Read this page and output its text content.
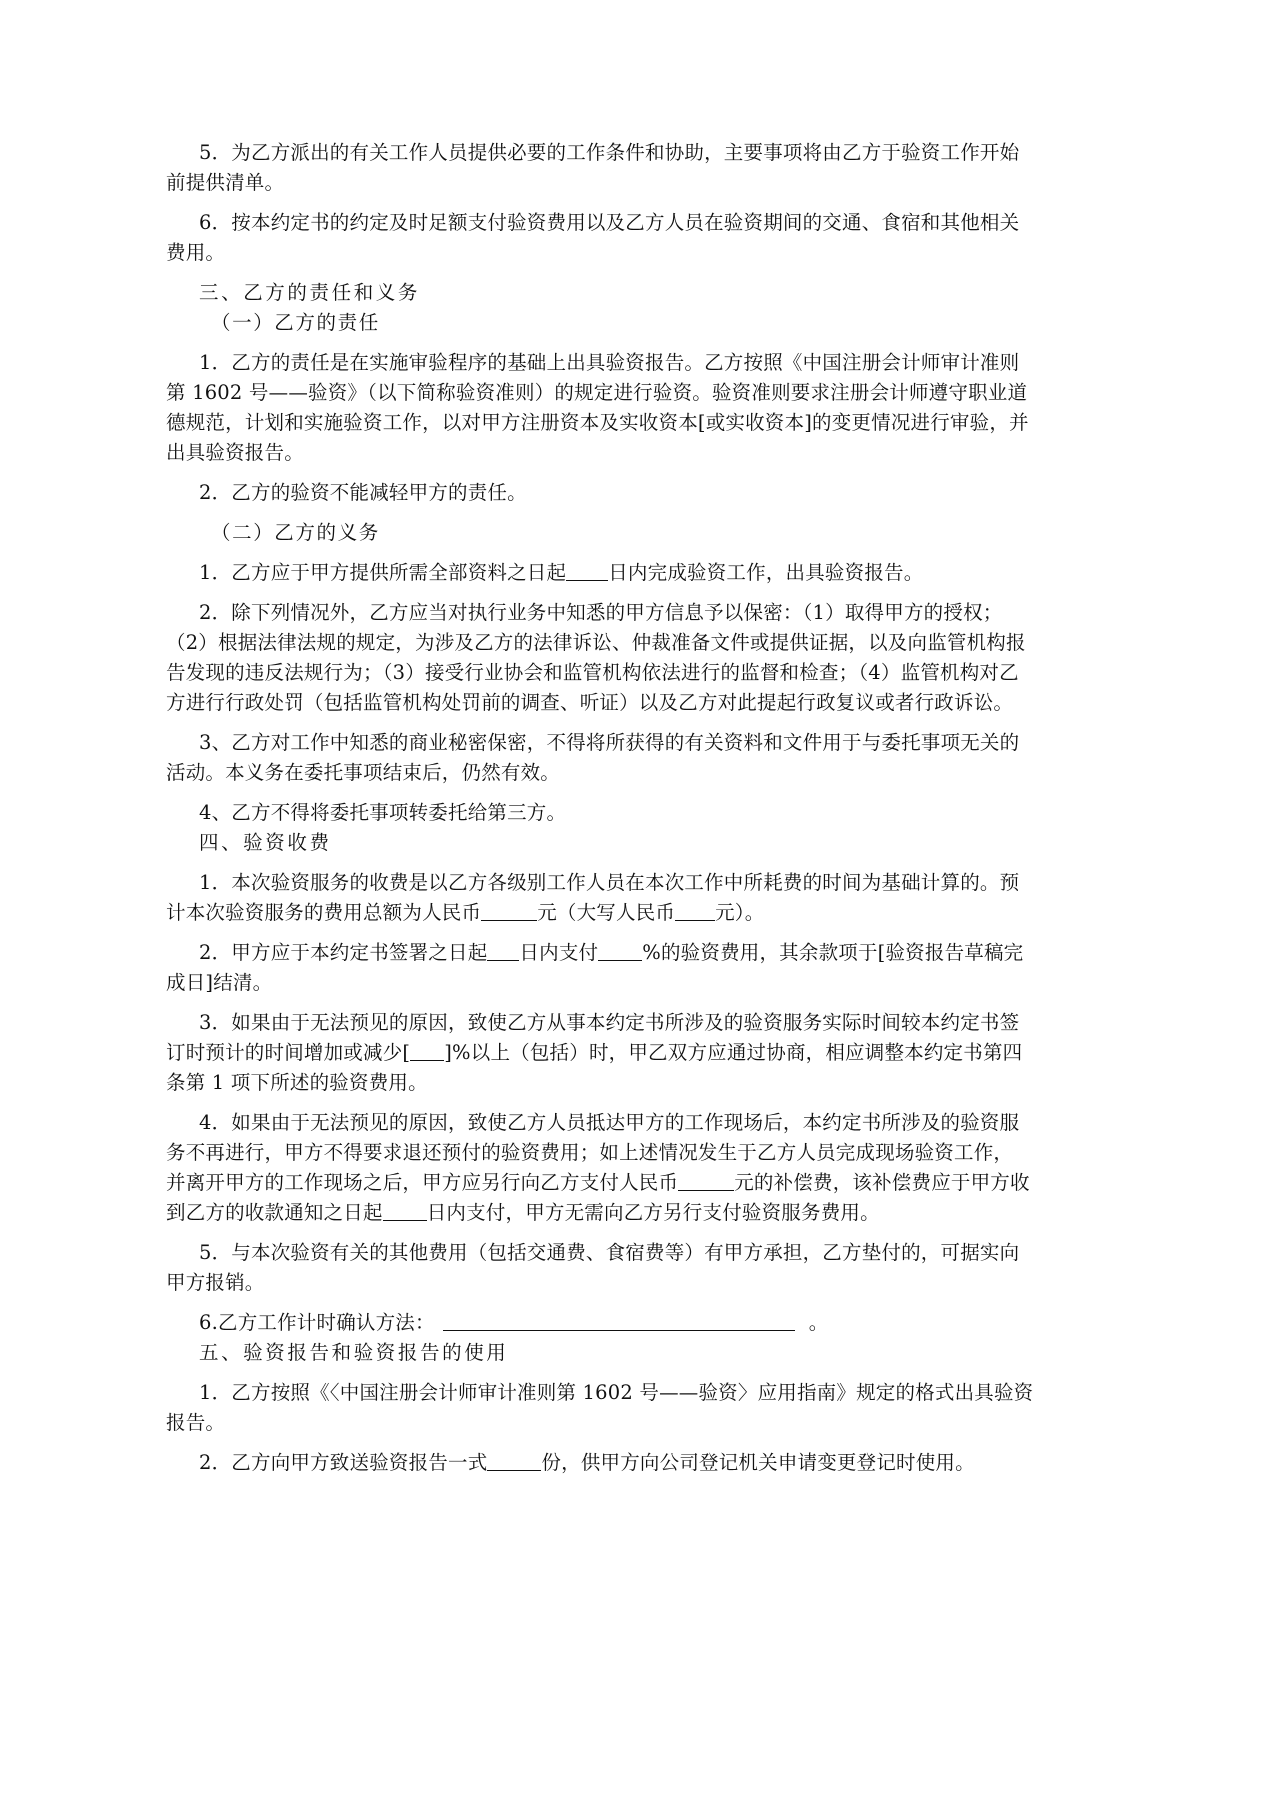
5．为乙方派出的有关工作人员提供必要的工作条件和协助，主要事项将由乙方于验资工作开始
前提供清单。
6．按本约定书的约定及时足额支付验资费用以及乙方人员在验资期间的交通、食宿和其他相关
费用。
三、乙方的责任和义务
（一）乙方的责任
1．乙方的责任是在实施审验程序的基础上出具验资报告。乙方按照《中国注册会计师审计准则
第 1602 号——验资》（以下简称验资准则）的规定进行验资。验资准则要求注册会计师遵守职业道
德规范，计划和实施验资工作，以对甲方注册资本及实收资本[或实收资本]的变更情况进行审验，并
出具验资报告。
2．乙方的验资不能减轻甲方的责任。
（二）乙方的义务
1．乙方应于甲方提供所需全部资料之日起 日内完成验资工作，出具验资报告。
2．除下列情况外，乙方应当对执行业务中知悉的甲方信息予以保密：（1）取得甲方的授权；
（2）根据法律法规的规定，为涉及乙方的法律诉讼、仲裁准备文件或提供证据，以及向监管机构报
告发现的违反法规行为；（3）接受行业协会和监管机构依法进行的监督和检查；（4）监管机构对乙
方进行行政处罚（包括监管机构处罚前的调查、听证）以及乙方对此提起行政复议或者行政诉讼。
3、乙方对工作中知悉的商业秘密保密，不得将所获得的有关资料和文件用于与委托事项无关的
活动。本义务在委托事项结束后，仍然有效。
4、乙方不得将委托事项转委托给第三方。
四、验资收费
1．本次验资服务的收费是以乙方各级别工作人员在本次工作中所耗费的时间为基础计算的。预
计本次验资服务的费用总额为人民币	元（大写人民币 元）。
2．甲方应于本约定书签署之日起 日内支付 %的验资费用，其余款项于[验资报告草稿完
成日]结清。
3．如果由于无法预见的原因，致使乙方从事本约定书所涉及的验资服务实际时间较本约定书签
订时预计的时间增加或减少[ ]%以上（包括）时，甲乙双方应通过协商，相应调整本约定书第四
条第 1 项下所述的验资费用。
4．如果由于无法预见的原因，致使乙方人员抵达甲方的工作现场后，本约定书所涉及的验资服
务不再进行，甲方不得要求退还预付的验资费用；如上述情况发生于乙方人员完成现场验资工作，
并离开甲方的工作现场之后，甲方应另行向乙方支付人民币	元的补偿费，该补偿费应于甲方收
到乙方的收款通知之日起 日内支付，甲方无需向乙方另行支付验资服务费用。
5．与本次验资有关的其他费用（包括交通费、食宿费等）有甲方承担，乙方垫付的，可据实向
甲方报销。
6.乙方工作计时确认方法：	。
五、验资报告和验资报告的使用
1．乙方按照《〈中国注册会计师审计准则第 1602 号——验资〉应用指南》规定的格式出具验资
报告。
2．乙方向甲方致送验资报告一式	份，供甲方向公司登记机关申请变更登记时使用。
